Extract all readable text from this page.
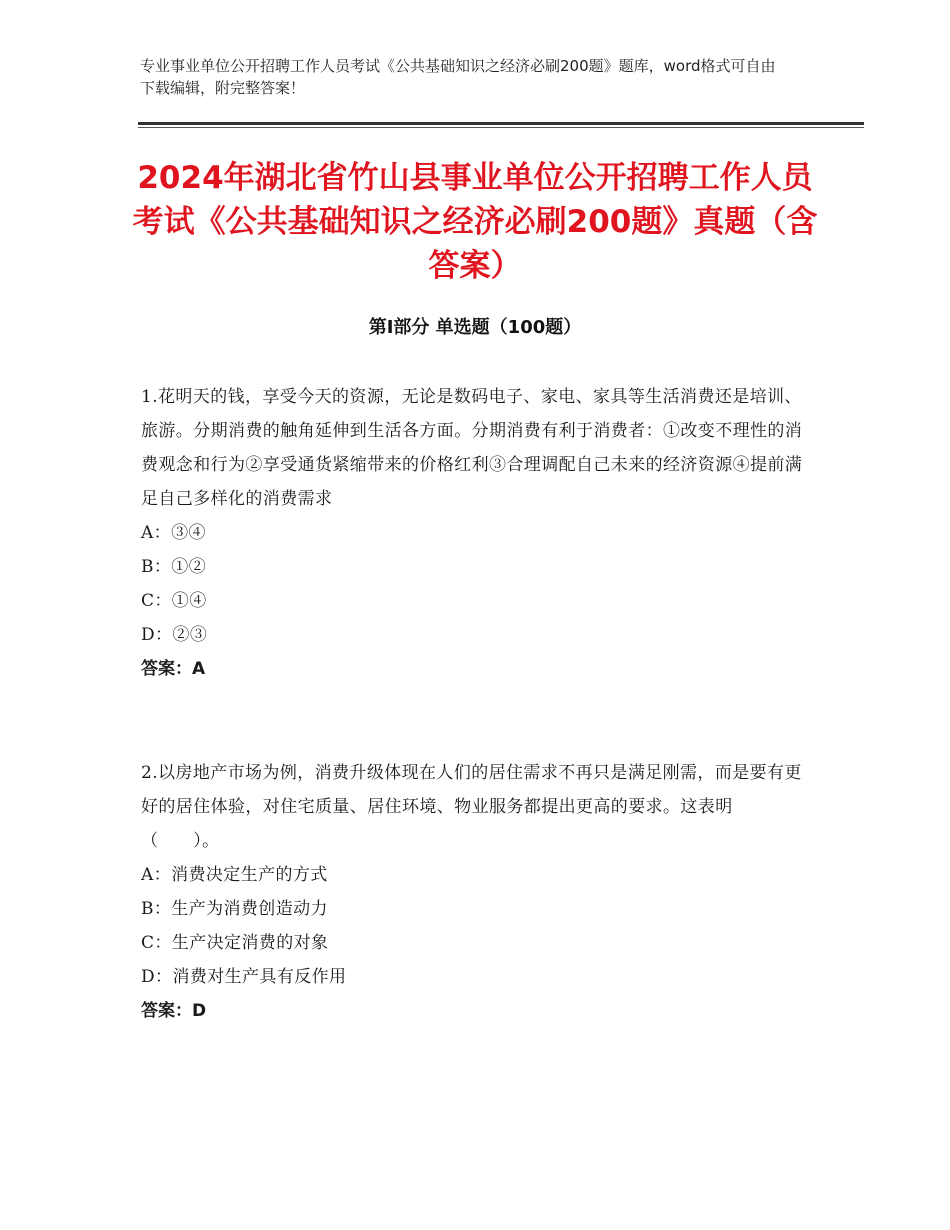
专业事业单位公开招聘工作人员考试《公共基础知识之经济必刷200题》题库，word格式可自由下载编辑，附完整答案！
2024年湖北省竹山县事业单位公开招聘工作人员考试《公共基础知识之经济必刷200题》真题（含答案）
第Ⅰ部分 单选题（100题）

1.花明天的钱，享受今天的资源，无论是数码电子、家电、家具等生活消费还是培训、旅游。分期消费的触角延伸到生活各方面。分期消费有利于消费者：①改变不理性的消费观念和行为②享受通货紧缩带来的价格红利③合理调配自己未来的经济资源④提前满足自己多样化的消费需求

A：③④
B：①②
C：①④
D：②③
答案：A

2.以房地产市场为例，消费升级体现在人们的居住需求不再只是满足刚需，而是要有更好的居住体验，对住宅质量、居住环境、物业服务都提出更高的要求。这表明（　　）。

A：消费决定生产的方式
B：生产为消费创造动力
C：生产决定消费的对象
D：消费对生产具有反作用
答案：D
